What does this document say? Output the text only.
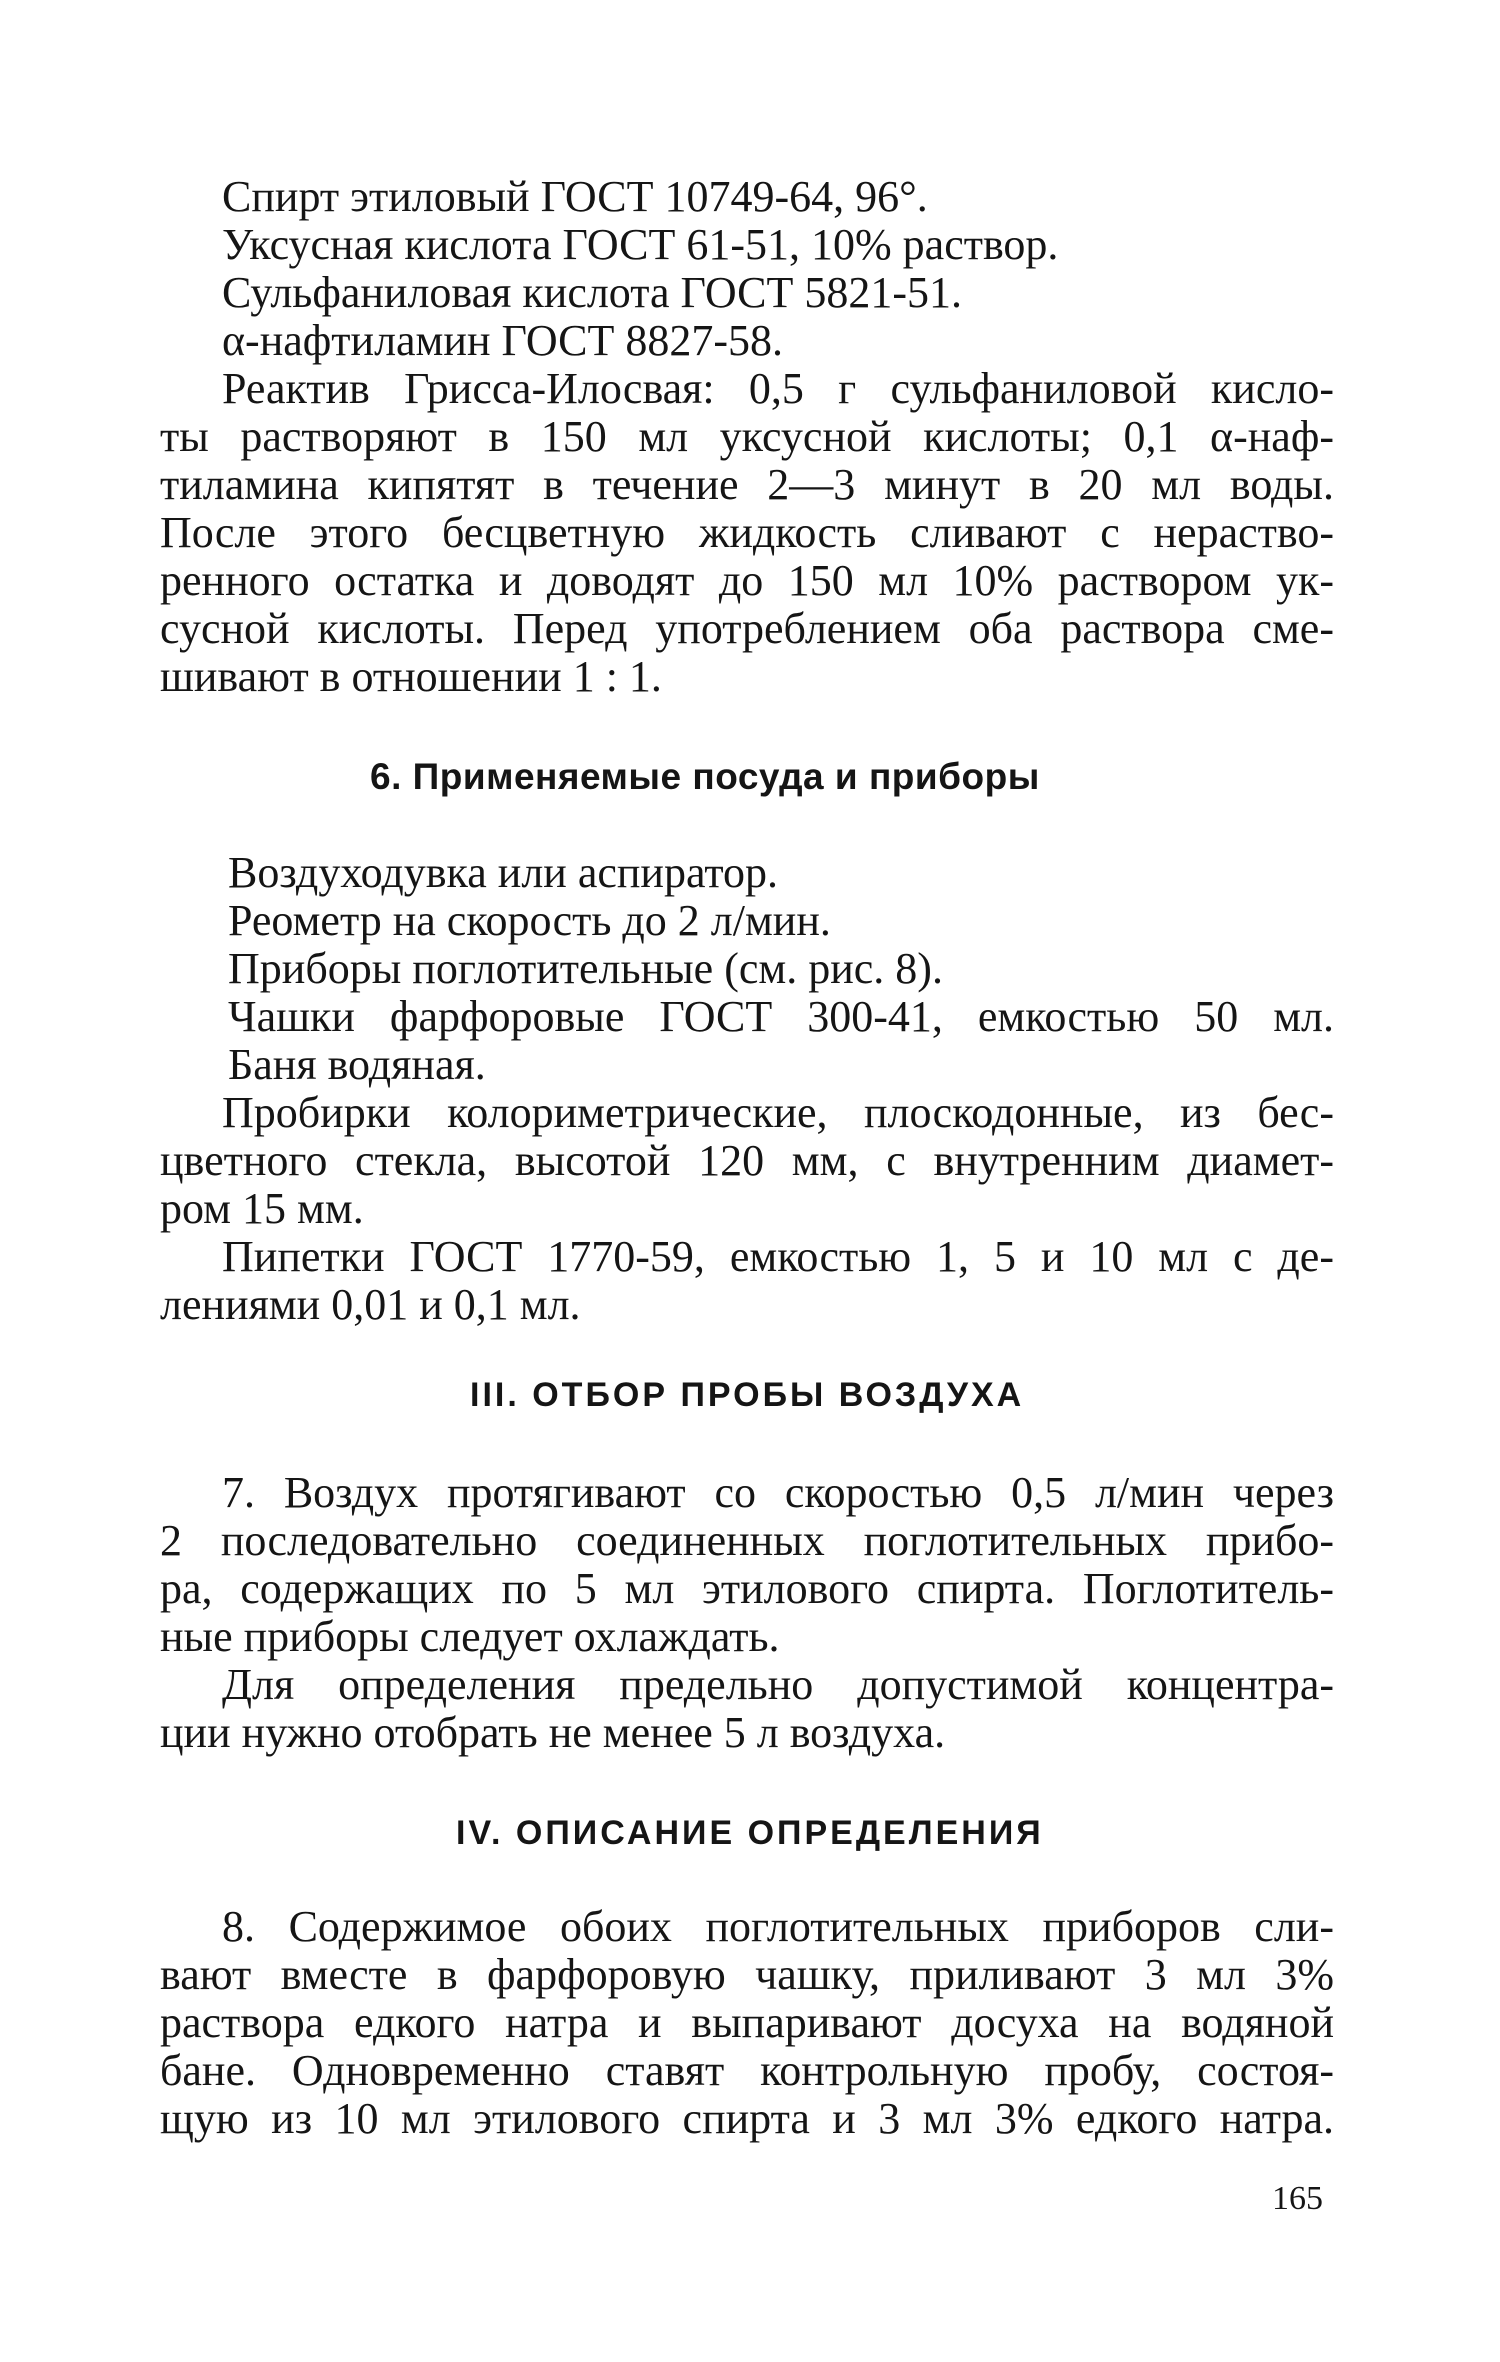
Спирт этиловый ГОСТ 10749-64, 96°.
Уксусная кислота ГОСТ 61-51, 10% раствор.
Сульфаниловая кислота ГОСТ 5821-51.
α-нафтиламин ГОСТ 8827-58.
Реактив Грисса-Илосвая: 0,5 г сульфаниловой кисло-
ты растворяют в 150 мл уксусной кислоты; 0,1 α-наф-
тиламина кипятят в течение 2—3 минут в 20 мл воды.
После этого бесцветную жидкость сливают с нераство-
ренного остатка и доводят до 150 мл 10% раствором ук-
сусной кислоты. Перед употреблением оба раствора сме-
шивают в отношении 1 : 1.
6. Применяемые посуда и приборы
Воздуходувка или аспиратор.
Реометр на скорость до 2 л/мин.
Приборы поглотительные (см. рис. 8).
Чашки фарфоровые ГОСТ 300-41, емкостью 50 мл.
Баня водяная.
Пробирки колориметрические, плоскодонные, из бес-
цветного стекла, высотой 120 мм, с внутренним диамет-
ром 15 мм.
Пипетки ГОСТ 1770-59, емкостью 1, 5 и 10 мл с де-
лениями 0,01 и 0,1 мл.
III. ОТБОР ПРОБЫ ВОЗДУХА
7. Воздух протягивают со скоростью 0,5 л/мин через
2 последовательно соединенных поглотительных прибо-
ра, содержащих по 5 мл этилового спирта. Поглотитель-
ные приборы следует охлаждать.
Для определения предельно допустимой концентра-
ции нужно отобрать не менее 5 л воздуха.
IV. ОПИСАНИЕ ОПРЕДЕЛЕНИЯ
8. Содержимое обоих поглотительных приборов сли-
вают вместе в фарфоровую чашку, приливают 3 мл 3%
раствора едкого натра и выпаривают досуха на водяной
бане. Одновременно ставят контрольную пробу, состоя-
щую из 10 мл этилового спирта и 3 мл 3% едкого натра.
165
